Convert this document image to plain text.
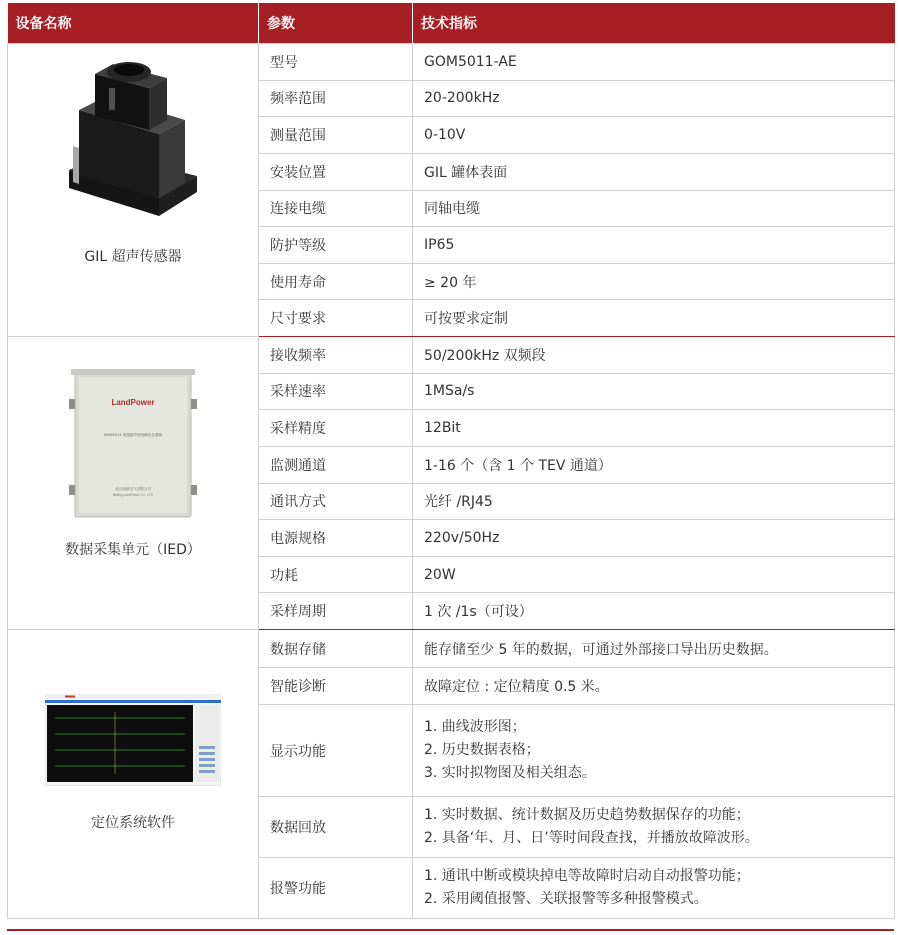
设备名称	参数	技术指标

GIL 超声传感器	型号	GOM5011-AE
	频率范围	20-200kHz
	测量范围	0-10V
	安装位置	GIL 罐体表面
	连接电缆	同轴电缆
	防护等级	IP65
	使用寿命	≥ 20 年
	尺寸要求	可按要求定制

LandPower
GOM5011 电缆超声波故障定位系统
北京朗德电气有限公司
Beijing LandPower Co., LTD
数据采集单元（IED）	接收频率	50/200kHz 双频段
	采样速率	1MSa/s
	采样精度	12Bit
	监测通道	1-16 个（含 1 个 TEV 通道）
	通讯方式	光纤 /RJ45
	电源规格	220v/50Hz
	功耗	20W
	采样周期	1 次 /1s（可设）

定位系统软件	数据存储	能存储至少 5 年的数据，可通过外部接口导出历史数据。
	智能诊断	故障定位 : 定位精度 0.5 米。
	显示功能	1. 曲线波形图；
2. 历史数据表格；
3. 实时拟物图及相关组态。

	数据回放	1. 实时数据、统计数据及历史趋势数据保存的功能；
2. 具备‘年、月、日’等时间段查找，并播放故障波形。

	报警功能	1. 通讯中断或模块掉电等故障时启动自动报警功能；
2. 采用阈值报警、关联报警等多种报警模式。
